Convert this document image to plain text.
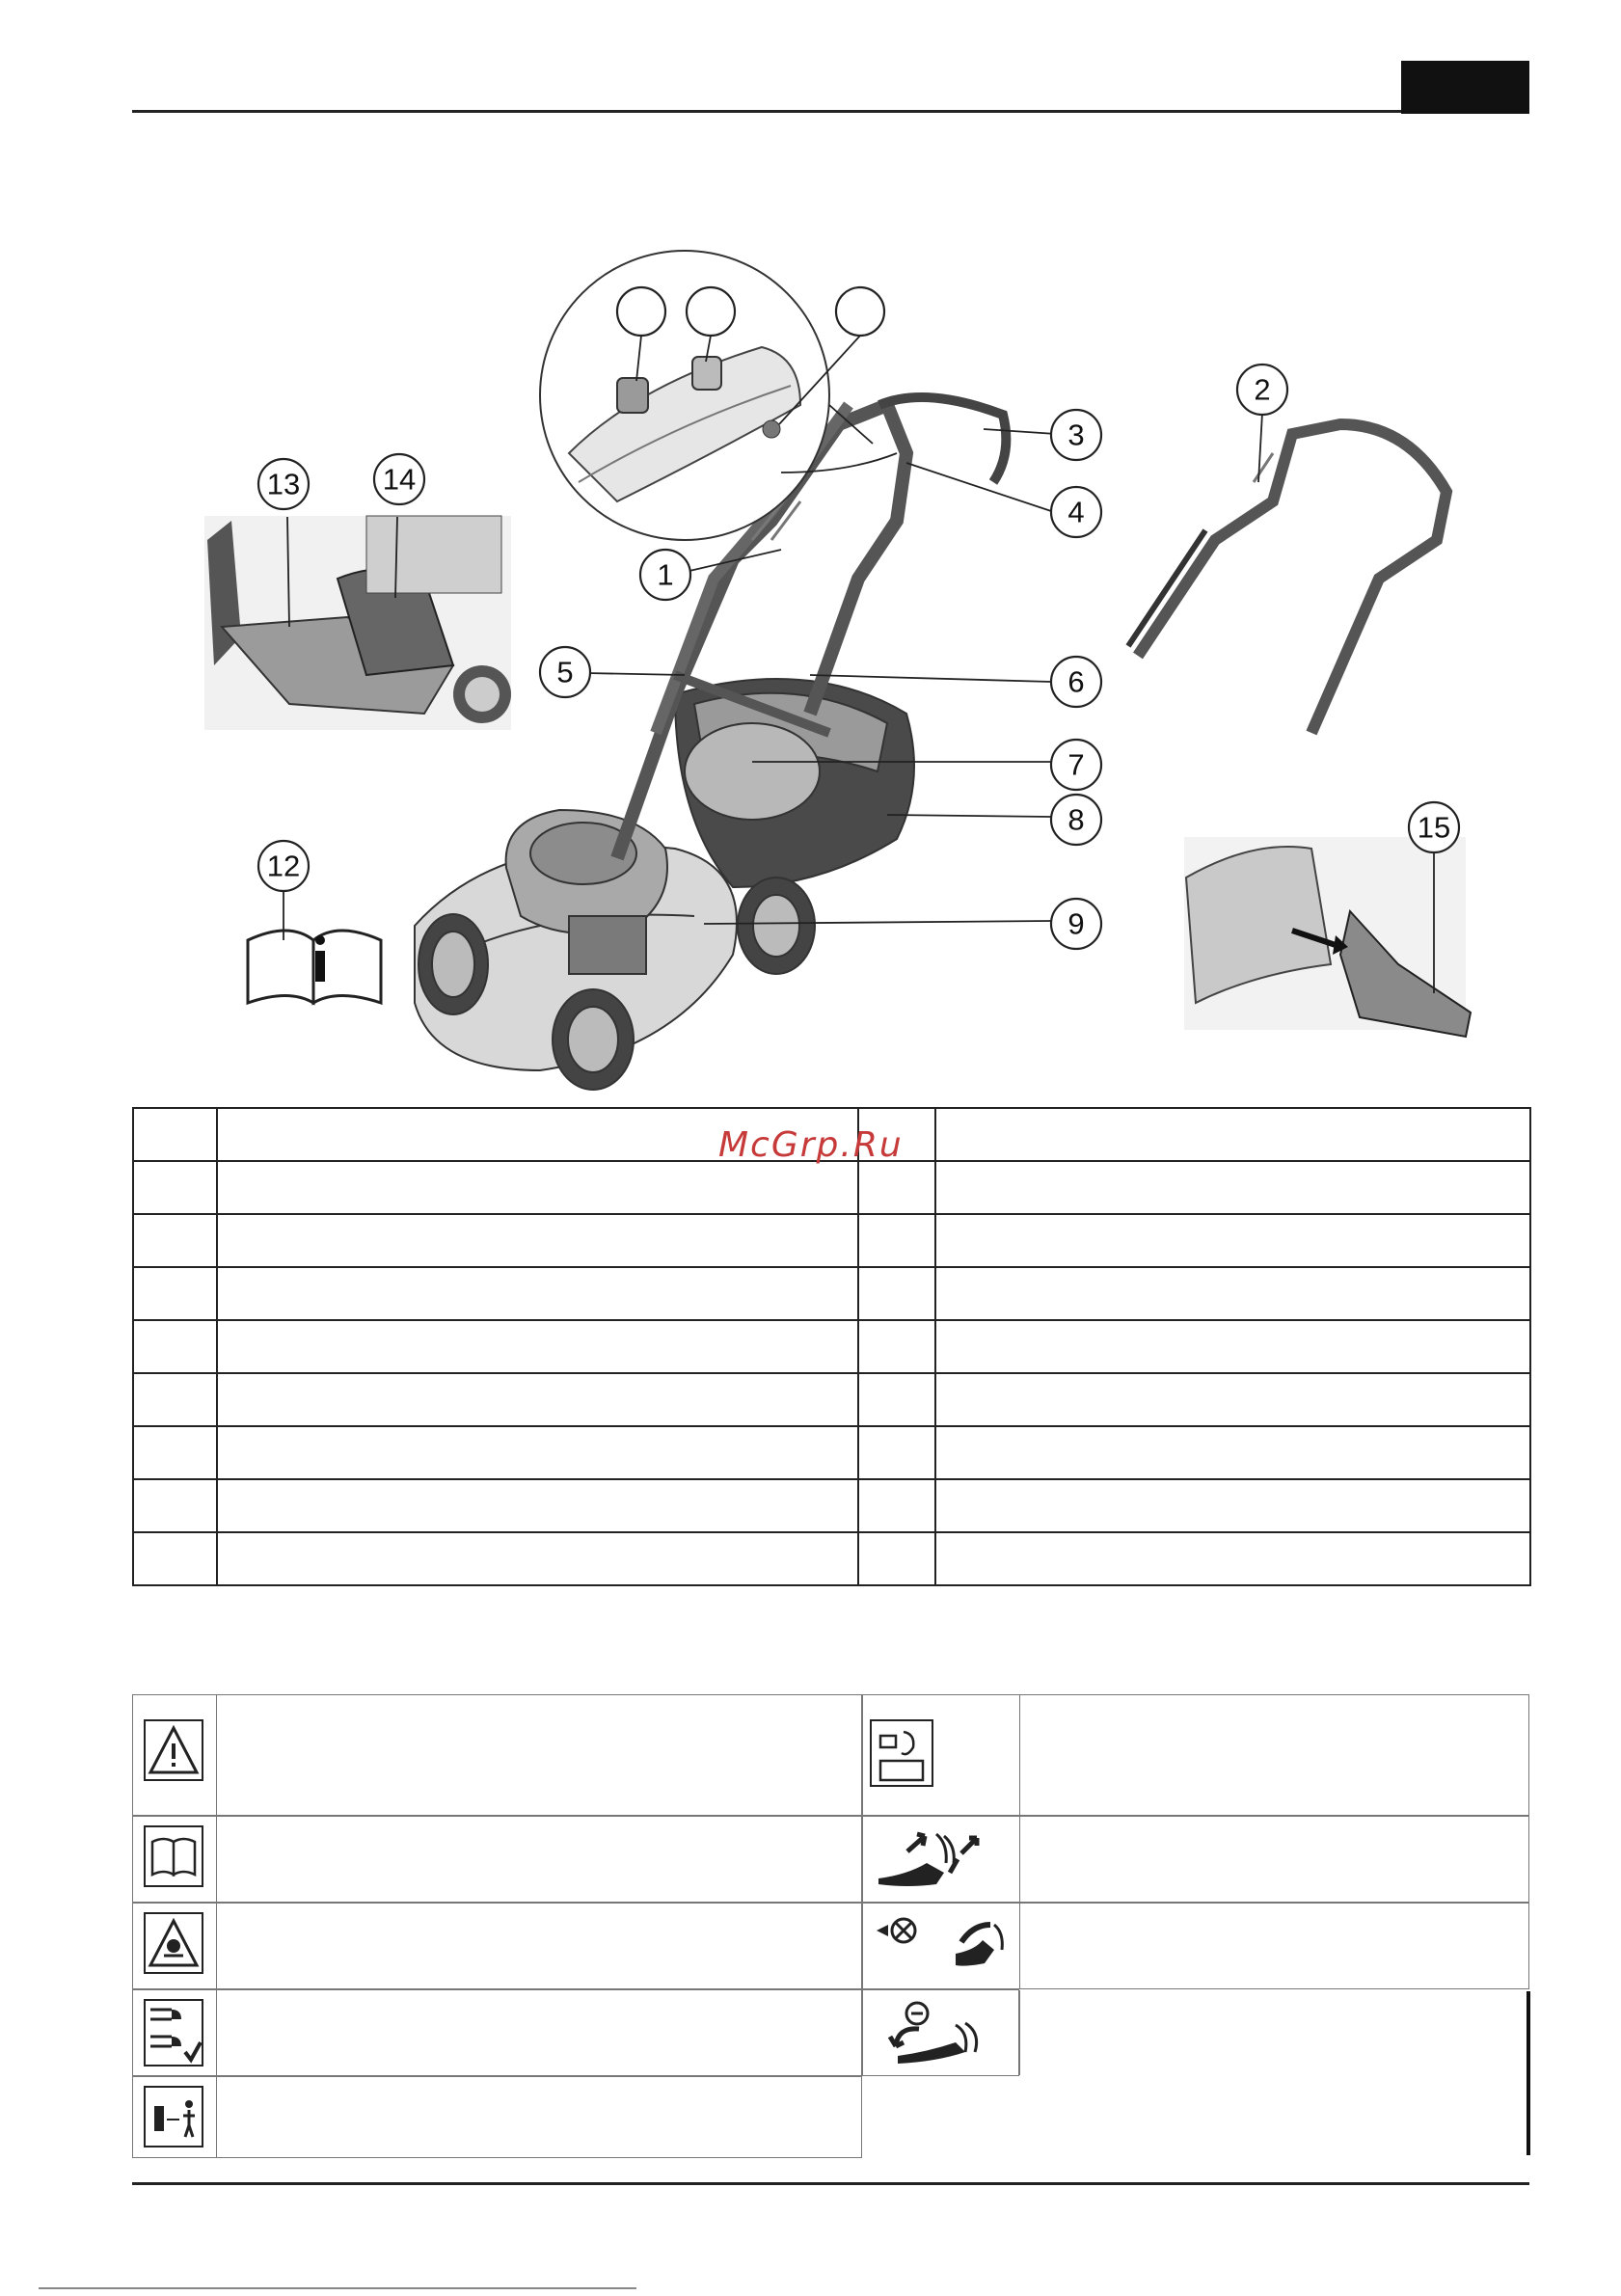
1
3
4
5	6
7
8
9
13	14
12
2
15

McGrp.Ru
